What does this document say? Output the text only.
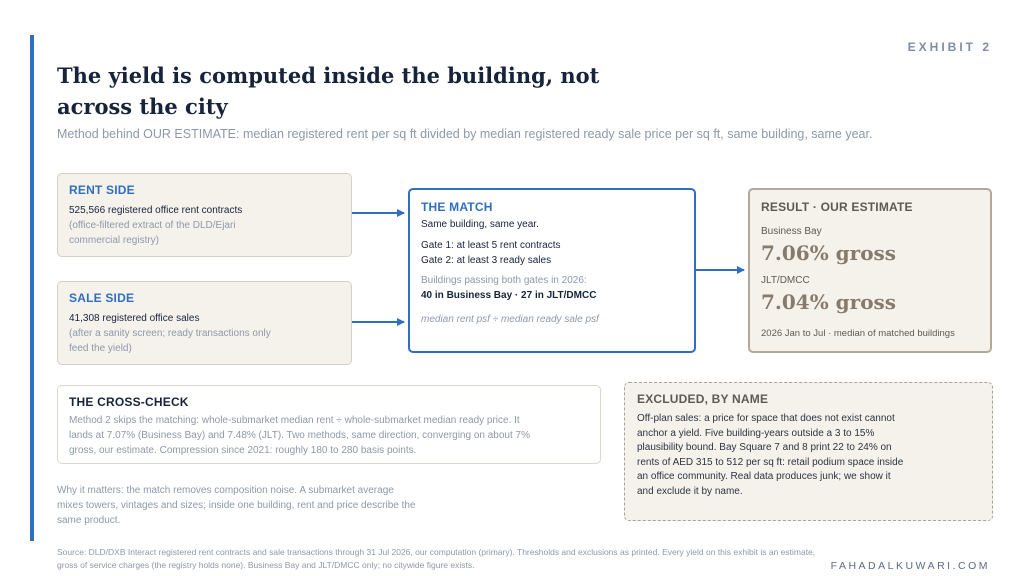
EXHIBIT 2
The yield is computed inside the building, not across the city
Method behind OUR ESTIMATE: median registered rent per sq ft divided by median registered ready sale price per sq ft, same building, same year.
RENT SIDE
525,566 registered office rent contracts
(office-filtered extract of the DLD/Ejari commercial registry)
SALE SIDE
41,308 registered office sales
(after a sanity screen; ready transactions only feed the yield)
THE MATCH
Same building, same year.
Gate 1: at least 5 rent contracts
Gate 2: at least 3 ready sales
Buildings passing both gates in 2026:
40 in Business Bay · 27 in JLT/DMCC
median rent psf ÷ median ready sale psf
RESULT · OUR ESTIMATE
Business Bay
7.06% gross
JLT/DMCC
7.04% gross
2026 Jan to Jul · median of matched buildings
THE CROSS-CHECK
Method 2 skips the matching: whole-submarket median rent ÷ whole-submarket median ready price. It lands at 7.07% (Business Bay) and 7.48% (JLT). Two methods, same direction, converging on about 7% gross, our estimate. Compression since 2021: roughly 180 to 280 basis points.
EXCLUDED, BY NAME
Off-plan sales: a price for space that does not exist cannot anchor a yield. Five building-years outside a 3 to 15% plausibility bound. Bay Square 7 and 8 print 22 to 24% on rents of AED 315 to 512 per sq ft: retail podium space inside an office community. Real data produces junk; we show it and exclude it by name.
Why it matters: the match removes composition noise. A submarket average mixes towers, vintages and sizes; inside one building, rent and price describe the same product.
Source: DLD/DXB Interact registered rent contracts and sale transactions through 31 Jul 2026, our computation (primary). Thresholds and exclusions as printed. Every yield on this exhibit is an estimate, gross of service charges (the registry holds none). Business Bay and JLT/DMCC only; no citywide figure exists.	FAHADALKUWARI.COM
